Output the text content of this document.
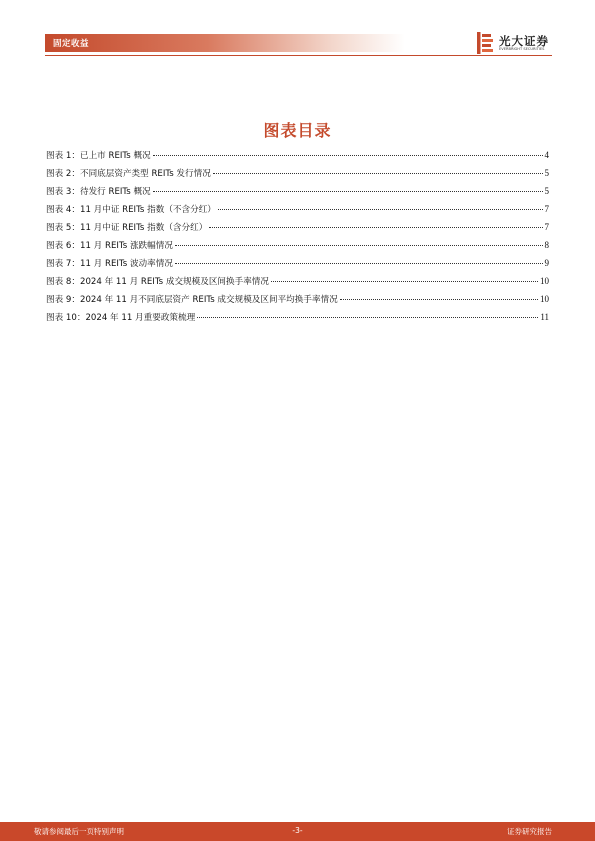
固定收益	光大证券
EVERBRIGHT SECURITIES
图表目录
图表 1：已上市 REITs 概况	4
图表 2：不同底层资产类型 REITs 发行情况	5
图表 3：待发行 REITs 概况	5
图表 4：11 月中证 REITs 指数（不含分红）	7
图表 5：11 月中证 REITs 指数（含分红）	7
图表 6：11 月 REITs 涨跌幅情况	8
图表 7：11 月 REITs 波动率情况	9
图表 8：2024 年 11 月 REITs 成交规模及区间换手率情况	10
图表 9：2024 年 11 月不同底层资产 REITs 成交规模及区间平均换手率情况	10
图表 10：2024 年 11 月重要政策梳理	11
敬请参阅最后一页特别声明	-3-	证券研究报告
